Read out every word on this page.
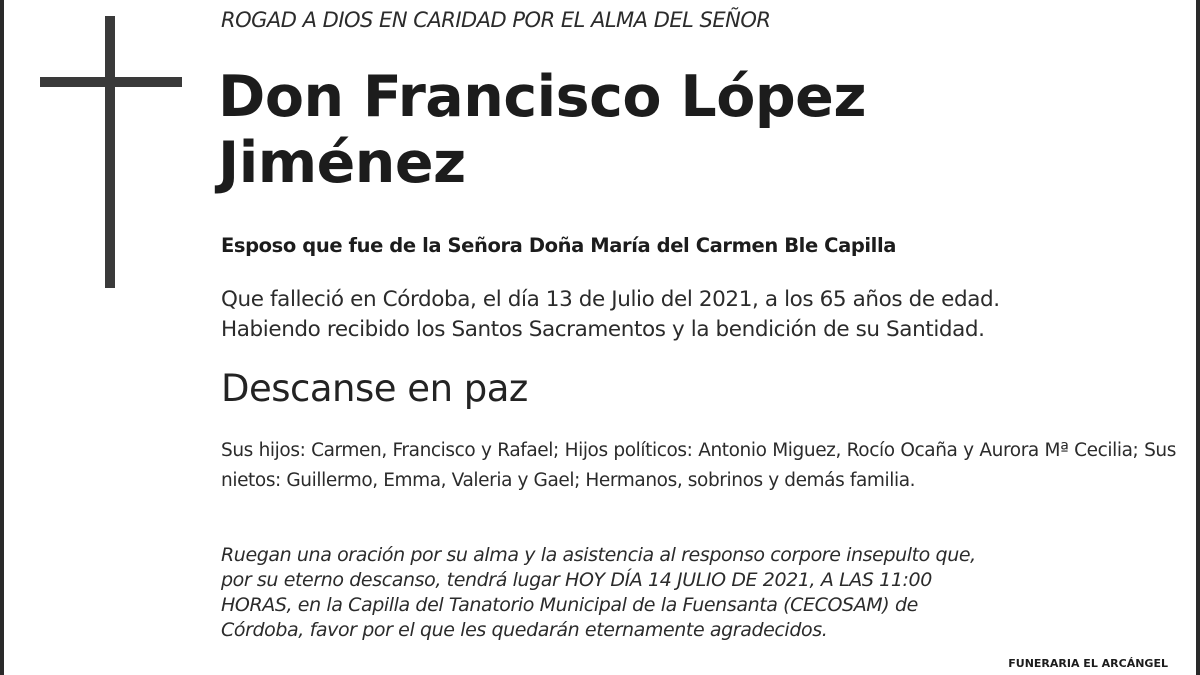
ROGAD A DIOS EN CARIDAD POR EL ALMA DEL SEÑOR
Don Francisco López
Jiménez
Esposo que fue de la Señora Doña María del Carmen Ble Capilla
Que falleció en Córdoba, el día 13 de Julio del 2021, a los 65 años de edad.
Habiendo recibido los Santos Sacramentos y la bendición de su Santidad.
Descanse en paz
Sus hijos: Carmen, Francisco y Rafael; Hijos políticos: Antonio Miguez, Rocío Ocaña y Aurora Mª Cecilia; Sus nietos: Guillermo, Emma, Valeria y Gael; Hermanos, sobrinos y demás familia.
Ruegan una oración por su alma y la asistencia al responso corpore insepulto que,
por su eterno descanso, tendrá lugar HOY DÍA 14 JULIO DE 2021, A LAS 11:00
HORAS, en la Capilla del Tanatorio Municipal de la Fuensanta (CECOSAM) de
Córdoba, favor por el que les quedarán eternamente agradecidos.
FUNERARIA EL ARCÁNGEL
